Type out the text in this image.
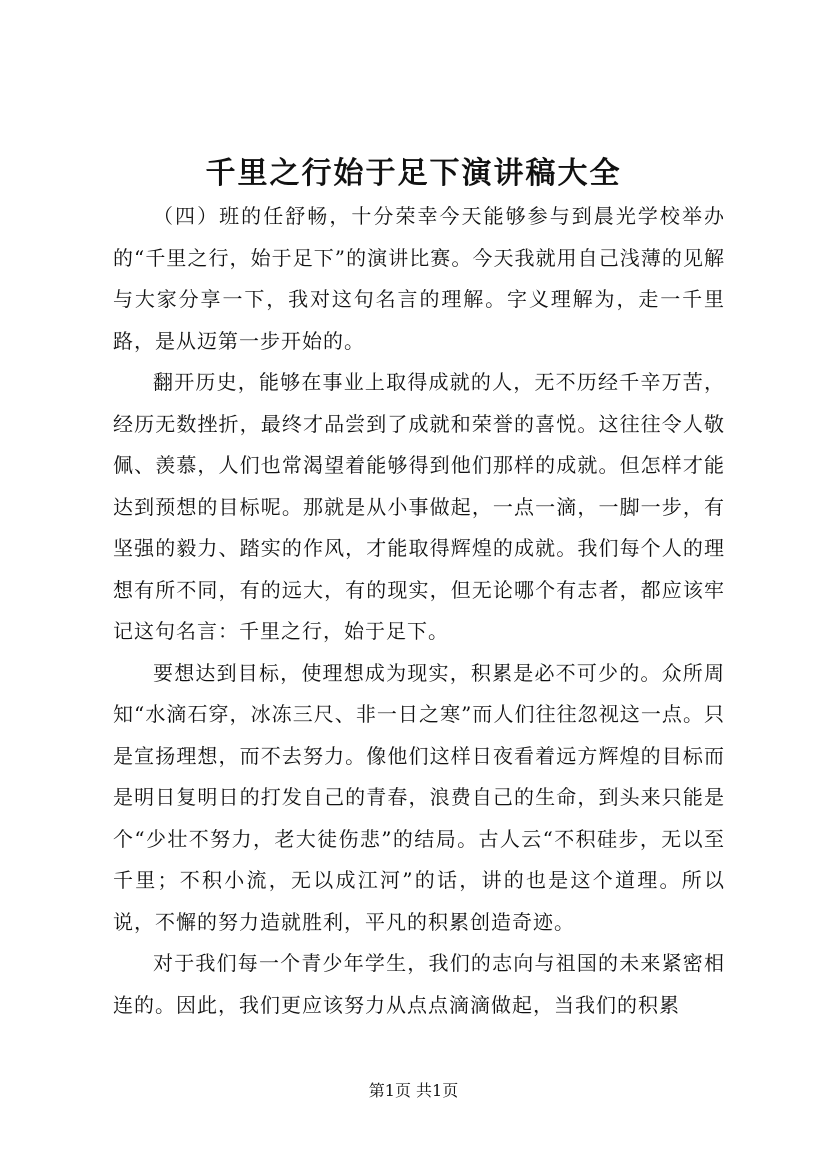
千里之行始于足下演讲稿大全

（四）班的任舒畅，十分荣幸今天能够参与到晨光学校举办的“千里之行，始于足下”的演讲比赛。今天我就用自己浅薄的见解与大家分享一下，我对这句名言的理解。字义理解为，走一千里路，是从迈第一步开始的。

翻开历史，能够在事业上取得成就的人，无不历经千辛万苦，经历无数挫折，最终才品尝到了成就和荣誉的喜悦。这往往令人敬佩、羡慕，人们也常渴望着能够得到他们那样的成就。但怎样才能达到预想的目标呢。那就是从小事做起，一点一滴，一脚一步，有坚强的毅力、踏实的作风，才能取得辉煌的成就。我们每个人的理想有所不同，有的远大，有的现实，但无论哪个有志者，都应该牢记这句名言：千里之行，始于足下。

要想达到目标，使理想成为现实，积累是必不可少的。众所周知“水滴石穿，冰冻三尺、非一日之寒”而人们往往忽视这一点。只是宣扬理想，而不去努力。像他们这样日夜看着远方辉煌的目标而是明日复明日的打发自己的青春，浪费自己的生命，到头来只能是个“少壮不努力，老大徒伤悲”的结局。古人云“不积硅步，无以至千里；不积小流，无以成江河”的话，讲的也是这个道理。所以说，不懈的努力造就胜利，平凡的积累创造奇迹。

对于我们每一个青少年学生，我们的志向与祖国的未来紧密相连的。因此，我们更应该努力从点点滴滴做起，当我们的积累

第1页 共1页
